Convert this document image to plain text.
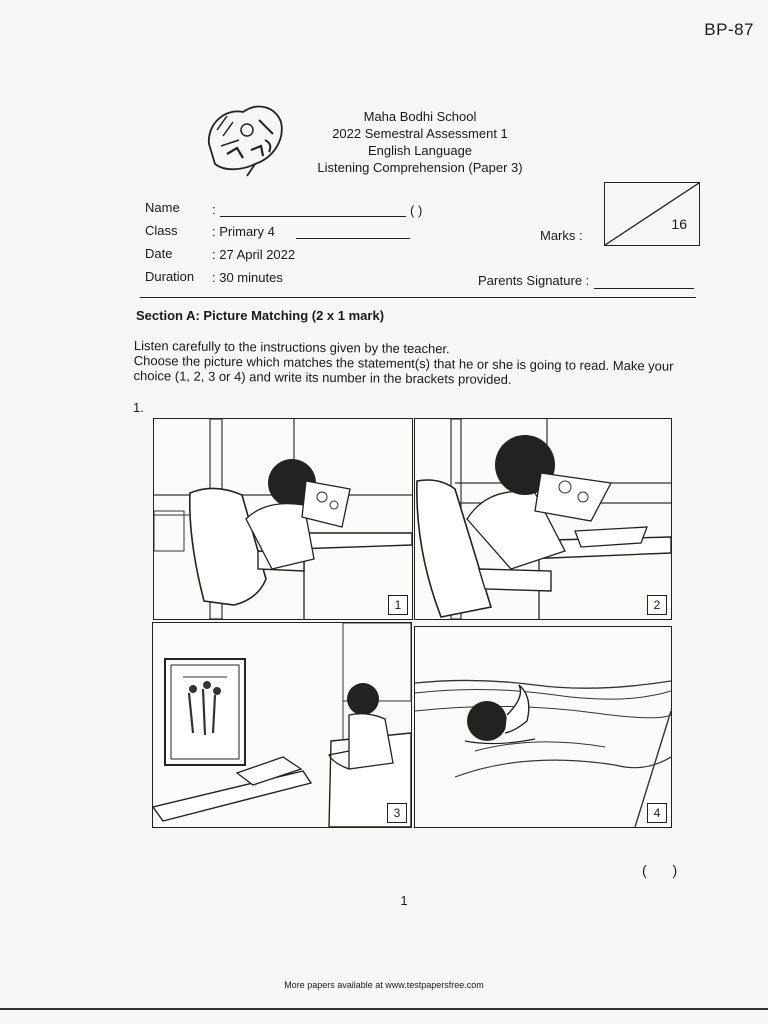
BP-87
Maha Bodhi School
2022 Semestral Assessment 1
English Language
Listening Comprehension (Paper 3)
Name :	( )
Class	: Primary 4
Date	: 27 April 2022
Duration : 30 minutes
Marks :
16
Parents Signature :
Section A: Picture Matching (2 x 1 mark)
Listen carefully to the instructions given by the teacher.
Choose the picture which matches the statement(s) that he or she is going to read. Make your
choice (1, 2, 3 or 4) and write its number in the brackets provided.
1.
1	2
3	4
( )
1
More papers available at www.testpapersfree.com
